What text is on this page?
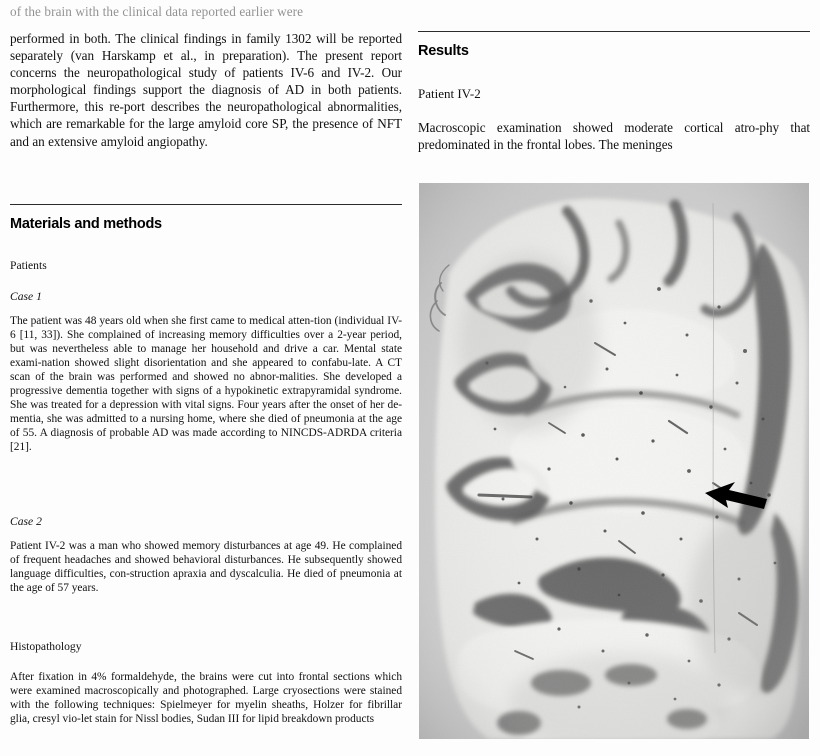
of the brain with the clinical data reported earlier were

performed in both. The clinical findings in family 1302 will be reported separately (van Harskamp et al., in preparation). The present report concerns the neuropathological study of patients IV-6 and IV-2. Our morphological findings support the diagnosis of AD in both patients. Furthermore, this re-port describes the neuropathological abnormalities, which are remarkable for the large amyloid core SP, the presence of NFT and an extensive amyloid angiopathy.

Materials and methods
Patients
Case 1

The patient was 48 years old when she first came to medical atten-tion (individual IV-6 [11, 33]). She complained of increasing memory difficulties over a 2-year period, but was nevertheless able to manage her household and drive a car. Mental state exami-nation showed slight disorientation and she appeared to confabu-late. A CT scan of the brain was performed and showed no abnor-malities. She developed a progressive dementia together with signs of a hypokinetic extrapyramidal syndrome. She was treated for a depression with vital signs. Four years after the onset of her de-mentia, she was admitted to a nursing home, where she died of pneumonia at the age of 55. A diagnosis of probable AD was made according to NINCDS-ADRDA criteria [21].

Case 2

Patient IV-2 was a man who showed memory disturbances at age 49. He complained of frequent headaches and showed behavioral disturbances. He subsequently showed language difficulties, con-struction apraxia and dyscalculia. He died of pneumonia at the age of 57 years.

Histopathology

After fixation in 4% formaldehyde, the brains were cut into frontal sections which were examined macroscopically and photographed. Large cryosections were stained with the following techniques: Spielmeyer for myelin sheaths, Holzer for fibrillar glia, cresyl vio-let stain for Nissl bodies, Sudan III for lipid breakdown products

Results
Patient IV-2

Macroscopic examination showed moderate cortical atro-phy that predominated in the frontal lobes. The meninges
